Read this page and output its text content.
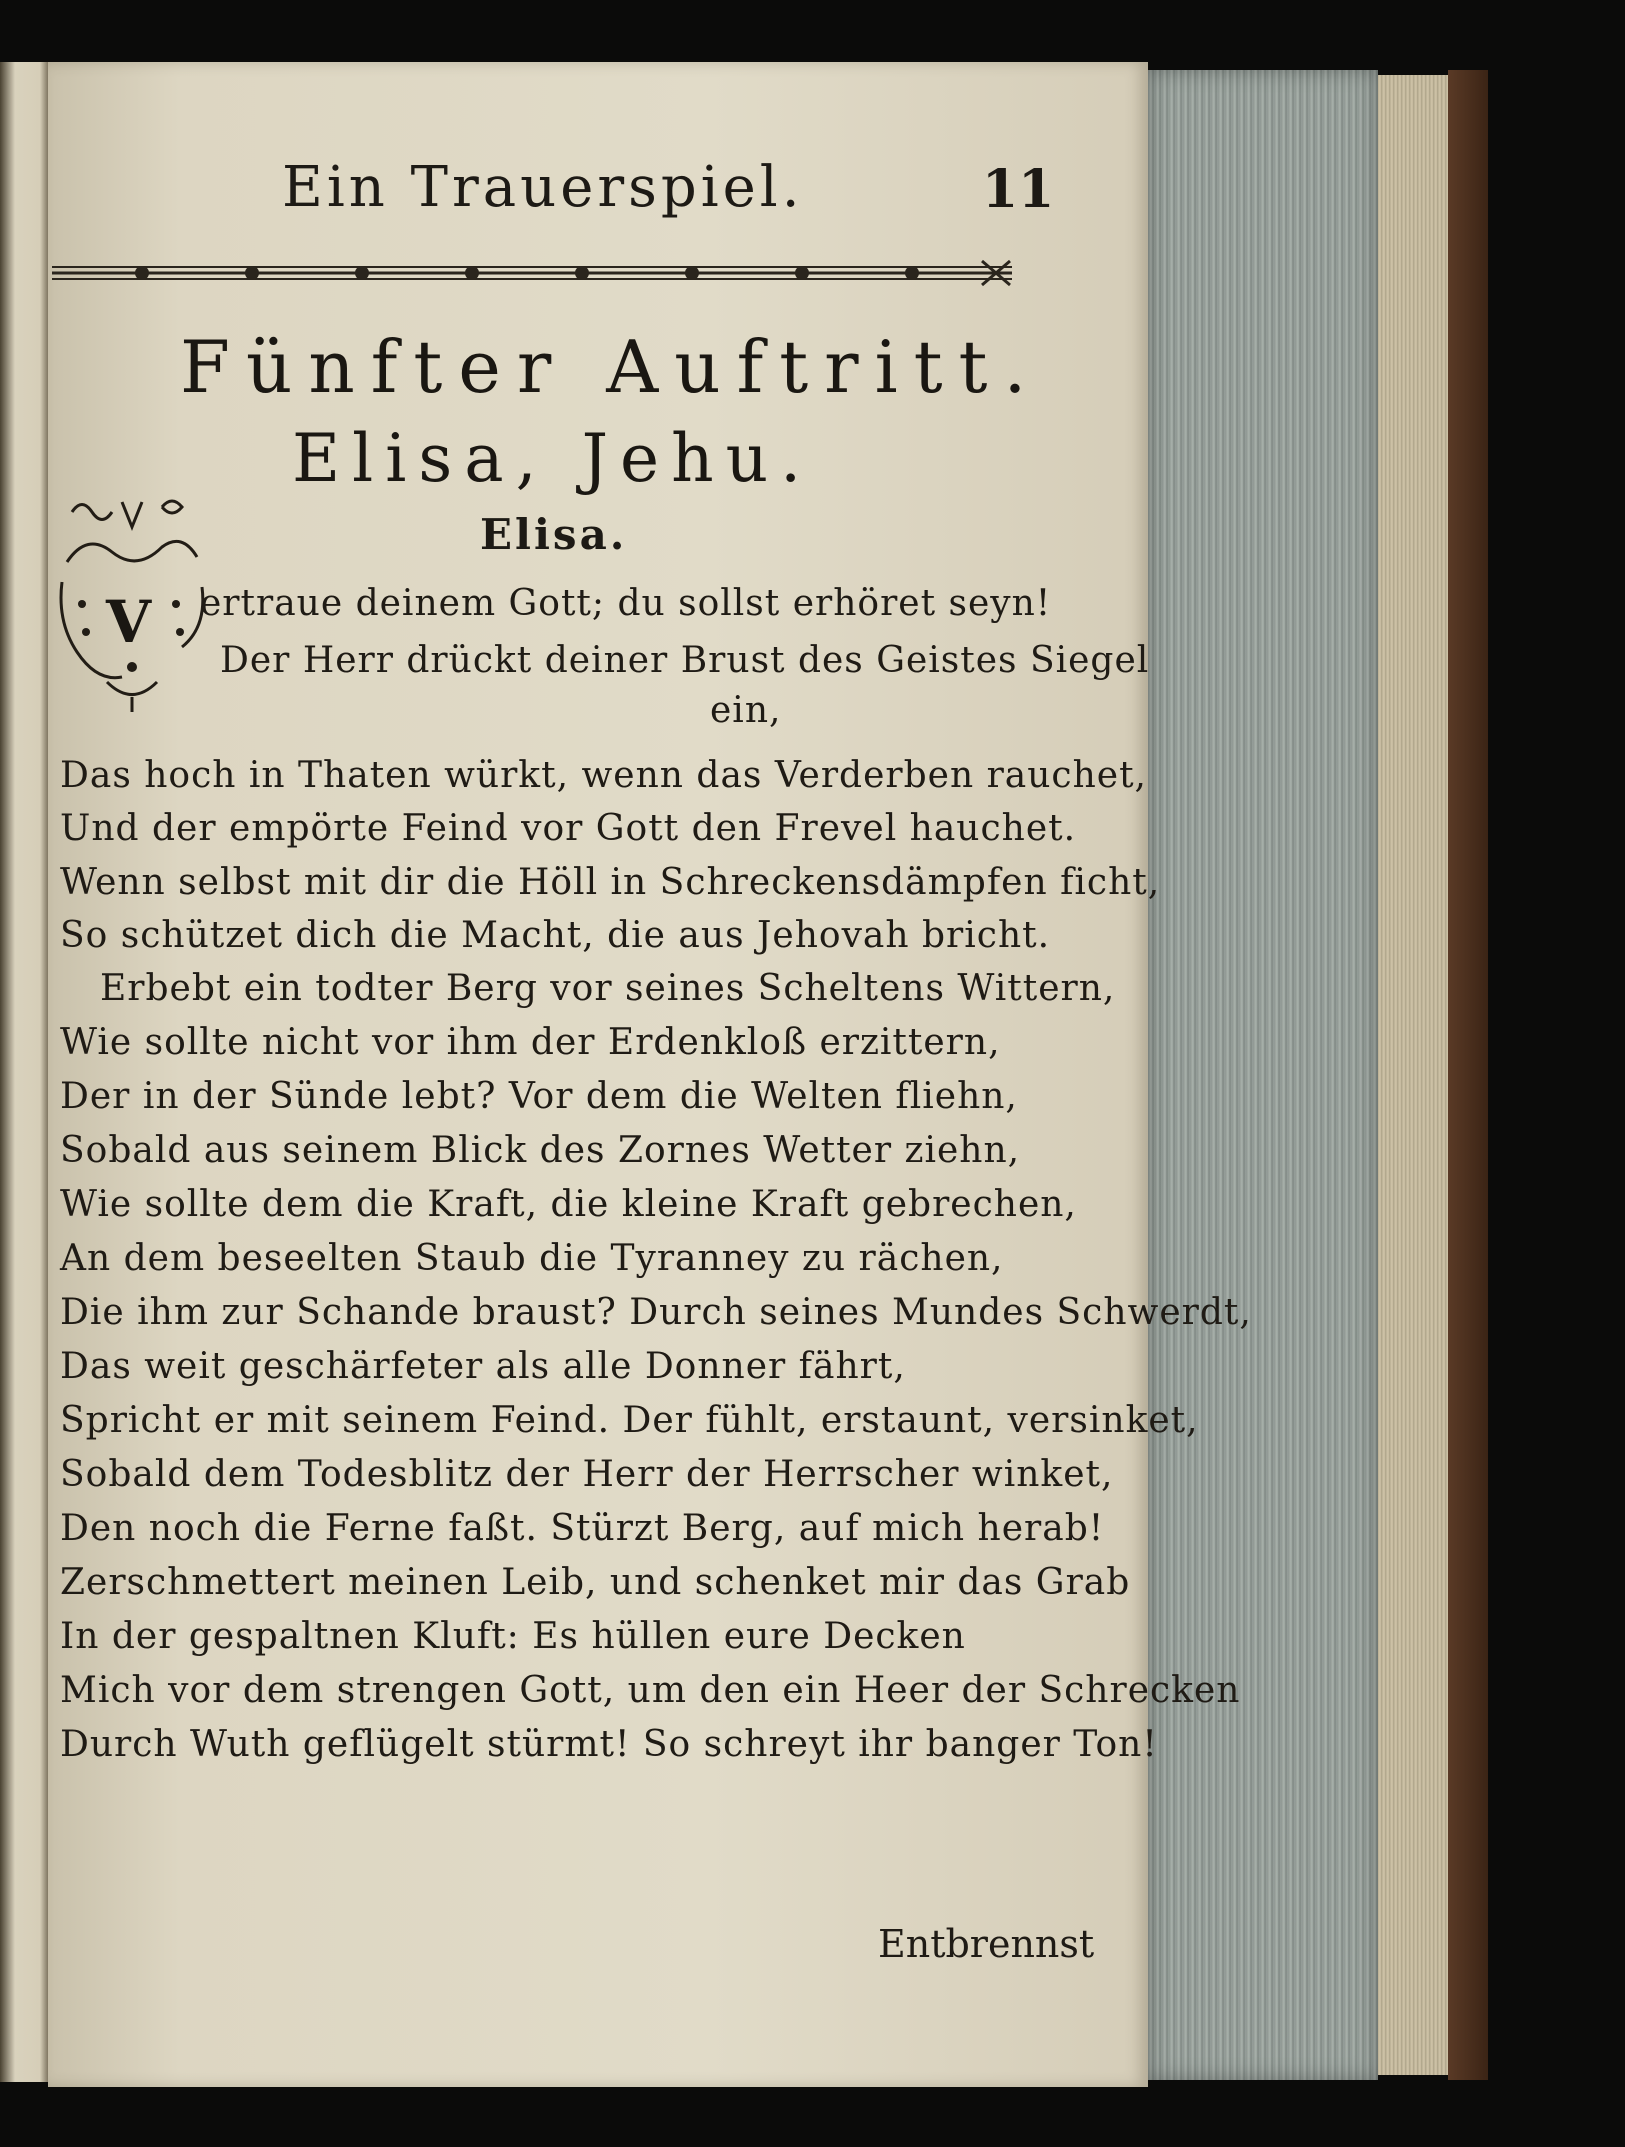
Ein Trauerspiel.	11
Fünfter Auftritt.
Elisa, Jehu.
V
Elisa.
ertraue deinem Gott; du sollst erhöret seyn!
Der Herr drückt deiner Brust des Geistes Siegel
ein,
Das hoch in Thaten würkt, wenn das Verderben rauchet,
Und der empörte Feind vor Gott den Frevel hauchet.
Wenn selbst mit dir die Höll in Schreckensdämpfen ficht,
So schützet dich die Macht, die aus Jehovah bricht.
Erbebt ein todter Berg vor seines Scheltens Wittern,
Wie sollte nicht vor ihm der Erdenkloß erzittern,
Der in der Sünde lebt? Vor dem die Welten fliehn,
Sobald aus seinem Blick des Zornes Wetter ziehn,
Wie sollte dem die Kraft, die kleine Kraft gebrechen,
An dem beseelten Staub die Tyranney zu rächen,
Die ihm zur Schande braust? Durch seines Mundes Schwerdt,
Das weit geschärfeter als alle Donner fährt,
Spricht er mit seinem Feind. Der fühlt, erstaunt, versinket,
Sobald dem Todesblitz der Herr der Herrscher winket,
Den noch die Ferne faßt. Stürzt Berg, auf mich herab!
Zerschmettert meinen Leib, und schenket mir das Grab
In der gespaltnen Kluft: Es hüllen eure Decken
Mich vor dem strengen Gott, um den ein Heer der Schrecken
Durch Wuth geflügelt stürmt! So schreyt ihr banger Ton!
Entbrennst
